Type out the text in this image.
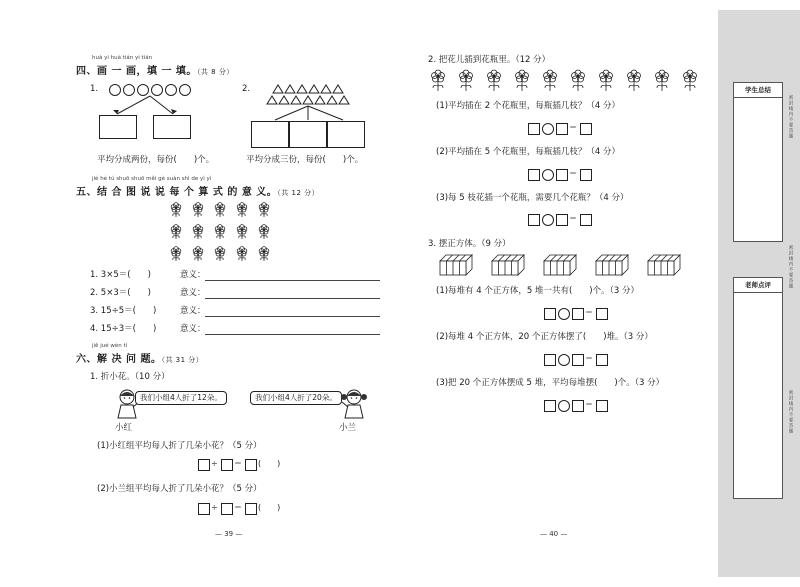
huà yi huà tián yi tián
四、画 一 画，填 一 填。（共 8 分）
1.	2.
平均分成两份，每份(　　)个。	平均分成三份，每份(　　)个。
jié hé tú shuō shuō měi gè suàn shì de yì yì
五、结 合 图 说 说 每 个 算 式 的 意 义。（共 12 分）
1. 3×5＝(　　)	意义：
2. 5×3＝(　　)	意义：
3. 15÷5＝(　　)	意义：
4. 15÷3＝(　　)	意义：
jiě jué wèn tí
六、解 决 问 题。（共 31 分）
1. 折小花。（10 分）
我们小组4人折了12朵。	我们小组4人折了20朵。
小红	小兰
(1)小红组平均每人折了几朵小花？（5 分）
÷ ＝ (　　)
(2)小兰组平均每人折了几朵小花？（5 分）
÷ ＝ (　　)
— 39 —
2. 把花儿插到花瓶里。（12 分）
(1)平均插在 2 个花瓶里，每瓶插几枝？（4 分）
＝
(2)平均插在 5 个花瓶里，每瓶插几枝？（4 分）
＝
(3)每 5 枝花插一个花瓶，需要几个花瓶？（4 分）
＝
3. 摆正方体。（9 分）
(1)每堆有 4 个正方体，5 堆一共有(　　)个。（3 分）
＝
(2)每堆 4 个正方体，20 个正方体摆了(　　)堆。（3 分）
＝
(3)把 20 个正方体摆成 5 堆，平均每堆摆(　　)个。（3 分）
＝
— 40 —
学生总结
老师点评
密封线内不要答题
密封线内不要答题
密封线内不要答题
